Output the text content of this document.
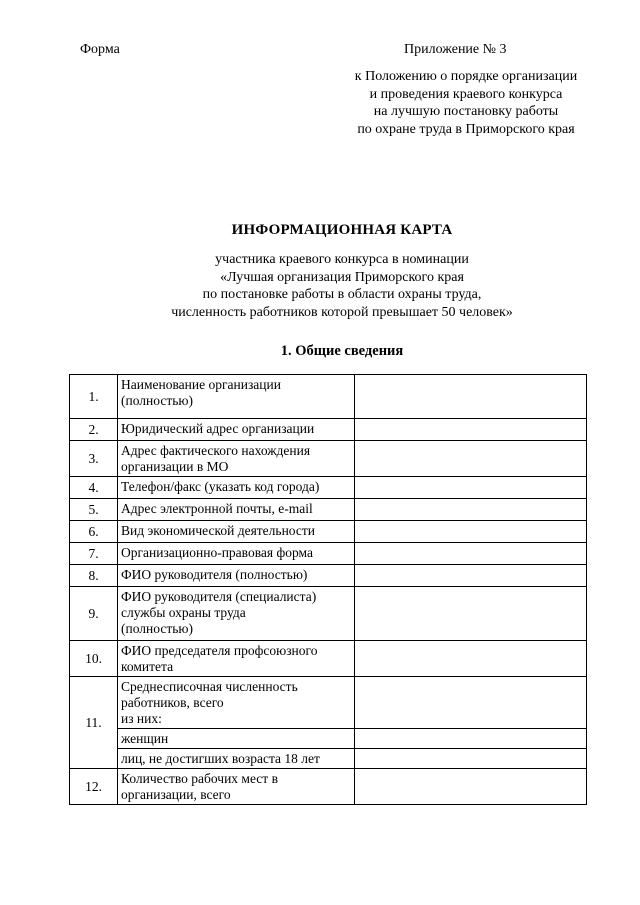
Форма	Приложение № 3
к Положению о порядке организации
и проведения краевого конкурса
на лучшую постановку работы
по охране труда в Приморского края
ИНФОРМАЦИОННАЯ КАРТА
участника краевого конкурса в номинации
«Лучшая организация Приморского края
по постановке работы в области охраны труда,
численность работников которой превышает 50 человек»
1. Общие сведения
1.	Наименование организации
(полностью)	

2.	Юридический адрес организации	

3.	Адрес фактического нахождения
организации в МО	

4.	Телефон/факс (указать код города)	

5.	Адрес электронной почты, e-mail	

6.	Вид экономической деятельности	

7.	Организационно-правовая форма	

8.	ФИО руководителя (полностью)	

9.	ФИО руководителя (специалиста)
службы охраны труда
(полностью)	

10.	ФИО председателя профсоюзного
комитета	

11.	Среднесписочная численность
работников, всего
из них:	

	женщин	
	лиц, не достигших возраста 18 лет	
12.	Количество рабочих мест в
организации, всего	
